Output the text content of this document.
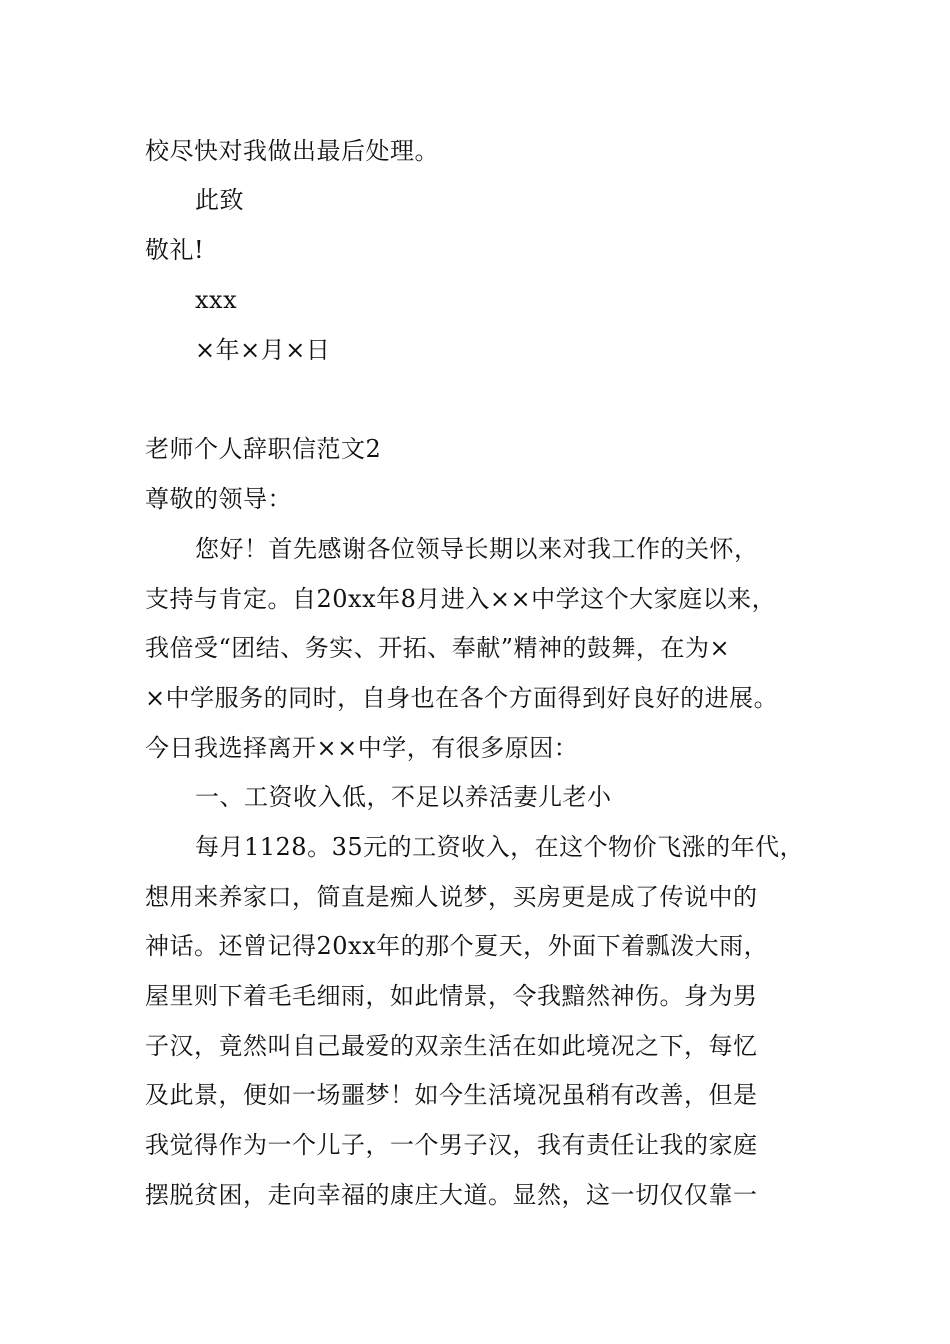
校尽快对我做出最后处理。
此致
敬礼!
xxx
×年×月×日
老师个人辞职信范文2
尊敬的领导：
您好！首先感谢各位领导长期以来对我工作的关怀，
支持与肯定。自20xx年8月进入××中学这个大家庭以来，
我倍受“团结、务实、开拓、奉献”精神的鼓舞，在为×
×中学服务的同时，自身也在各个方面得到好良好的进展。
今日我选择离开××中学，有很多原因：
一、工资收入低，不足以养活妻儿老小
每月1128。35元的工资收入，在这个物价飞涨的年代，
想用来养家口，简直是痴人说梦，买房更是成了传说中的
神话。还曾记得20xx年的那个夏天，外面下着瓢泼大雨，
屋里则下着毛毛细雨，如此情景，令我黯然神伤。身为男
子汉，竟然叫自己最爱的双亲生活在如此境况之下，每忆
及此景，便如一场噩梦！如今生活境况虽稍有改善，但是
我觉得作为一个儿子，一个男子汉，我有责任让我的家庭
摆脱贫困，走向幸福的康庄大道。显然，这一切仅仅靠一
